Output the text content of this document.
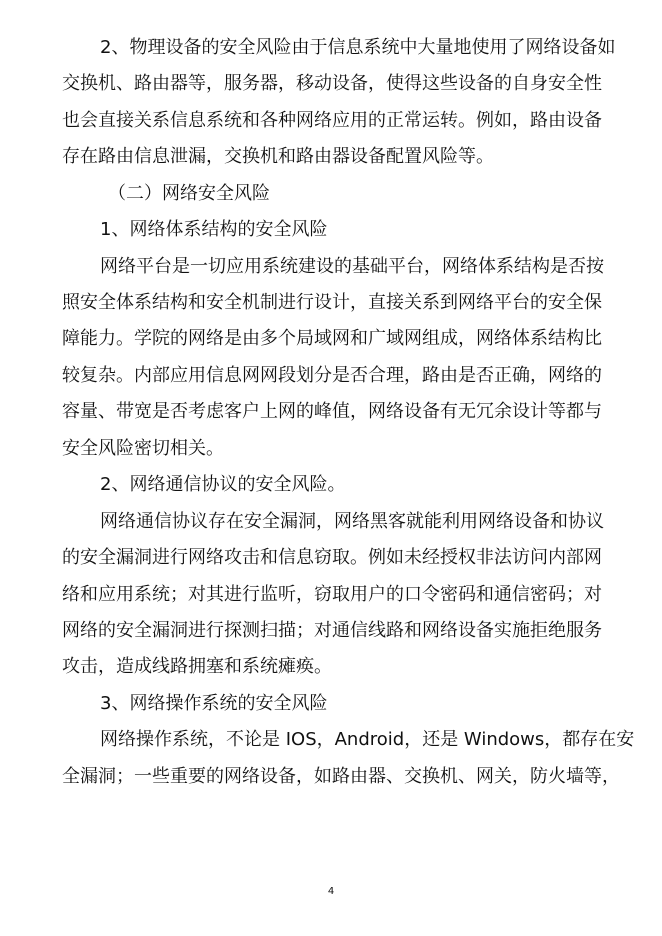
2、物理设备的安全风险由于信息系统中大量地使用了网络设备如
交换机、路由器等，服务器，移动设备，使得这些设备的自身安全性
也会直接关系信息系统和各种网络应用的正常运转。例如，路由设备
存在路由信息泄漏，交换机和路由器设备配置风险等。
（二）网络安全风险
1、网络体系结构的安全风险
网络平台是一切应用系统建设的基础平台，网络体系结构是否按
照安全体系结构和安全机制进行设计，直接关系到网络平台的安全保
障能力。学院的网络是由多个局域网和广域网组成，网络体系结构比
较复杂。内部应用信息网网段划分是否合理，路由是否正确，网络的
容量、带宽是否考虑客户上网的峰值，网络设备有无冗余设计等都与
安全风险密切相关。
2、网络通信协议的安全风险。
网络通信协议存在安全漏洞，网络黑客就能利用网络设备和协议
的安全漏洞进行网络攻击和信息窃取。例如未经授权非法访问内部网
络和应用系统；对其进行监听，窃取用户的口令密码和通信密码；对
网络的安全漏洞进行探测扫描；对通信线路和网络设备实施拒绝服务
攻击，造成线路拥塞和系统瘫痪。
3、网络操作系统的安全风险
网络操作系统，不论是 IOS，Android，还是 Windows，都存在安
全漏洞；一些重要的网络设备，如路由器、交换机、网关，防火墙等，
4
